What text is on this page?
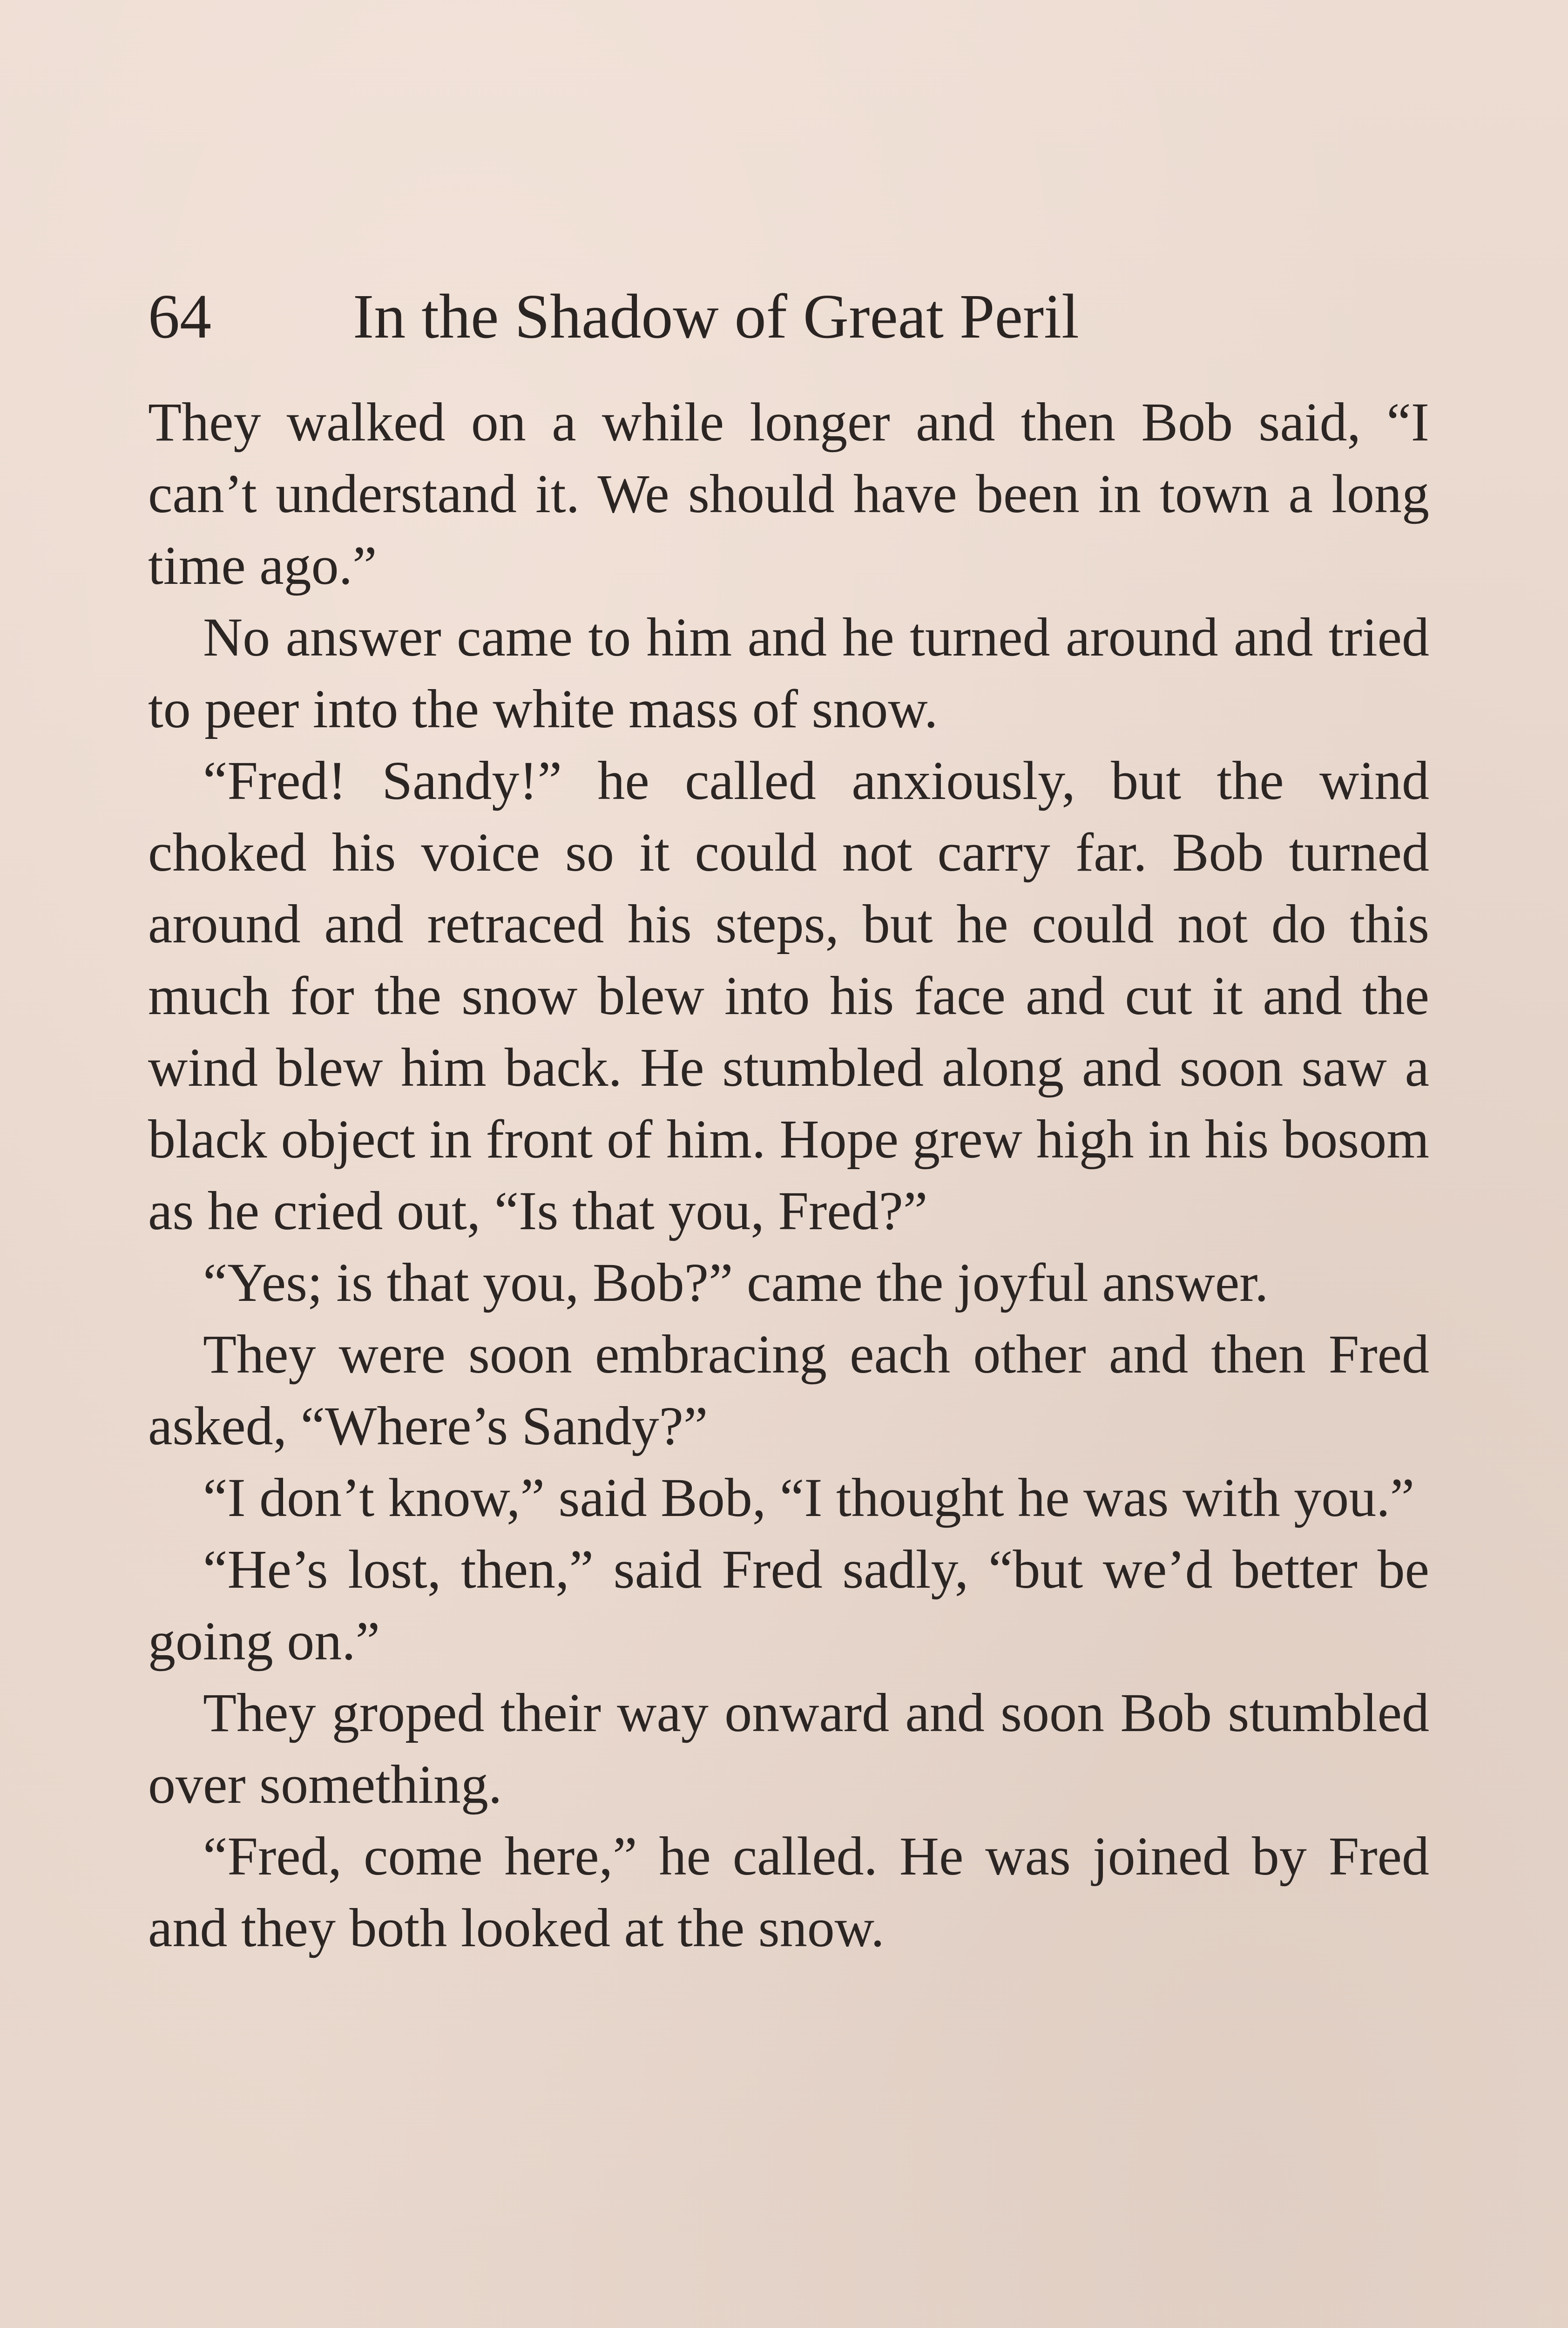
64 In the Shadow of Great Peril

They walked on a while longer and then Bob said, “I can’t understand it. We should have been in town a long time ago.”

No answer came to him and he turned around and tried to peer into the white mass of snow.

“Fred! Sandy!” he called anxiously, but the wind choked his voice so it could not carry far. Bob turned around and retraced his steps, but he could not do this much for the snow blew into his face and cut it and the wind blew him back. He stumbled along and soon saw a black object in front of him. Hope grew high in his bosom as he cried out, “Is that you, Fred?”

“Yes; is that you, Bob?” came the joyful answer.

They were soon embracing each other and then Fred asked, “Where’s Sandy?”

“I don’t know,” said Bob, “I thought he was with you.”

“He’s lost, then,” said Fred sadly, “but we’d better be going on.”

They groped their way onward and soon Bob stumbled over something.

“Fred, come here,” he called. He was joined by Fred and they both looked at the snow.
